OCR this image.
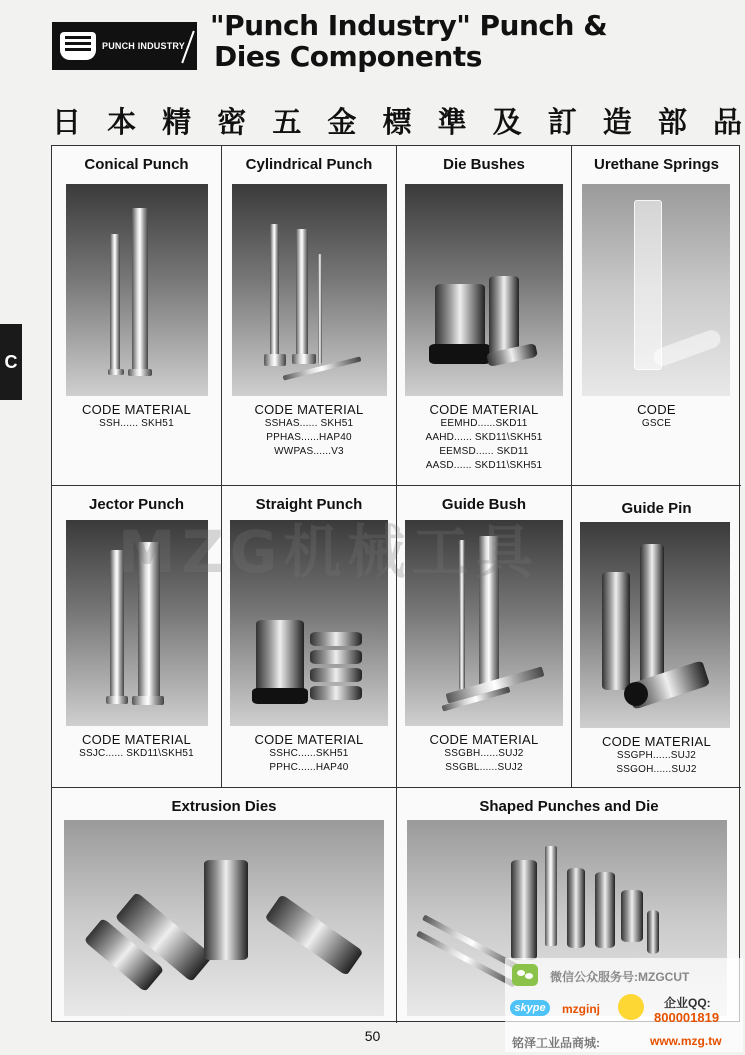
PUNCH INDUSTRY
"Punch Industry" Punch &
Dies Components
日 本 精 密 五 金 標 準 及 訂 造 部 品
C
Conical Punch
CODE MATERIAL
SSH...... SKH51
Cylindrical Punch
CODE MATERIAL
SSHAS...... SKH51
PPHAS......HAP40
WWPAS......V3
Die Bushes
CODE MATERIAL
EEMHD......SKD11
AAHD...... SKD11\SKH51
EEMSD...... SKD11
AASD...... SKD11\SKH51
Urethane Springs
CODE
GSCE
Jector Punch
CODE MATERIAL
SSJC...... SKD11\SKH51
Straight Punch
CODE MATERIAL
SSHC......SKH51
PPHC......HAP40
Guide Bush
CODE MATERIAL
SSGBH......SUJ2
SSGBL......SUJ2
Guide Pin
CODE MATERIAL
SSGPH......SUJ2
SSGOH......SUJ2
Extrusion Dies	Shaped Punches and Die
MZG机械工具
微信公众服务号:MZGCUT
skype	mzginj	企业QQ:
800001819
铭泽工业品商城:	www.mzg.tw
50
